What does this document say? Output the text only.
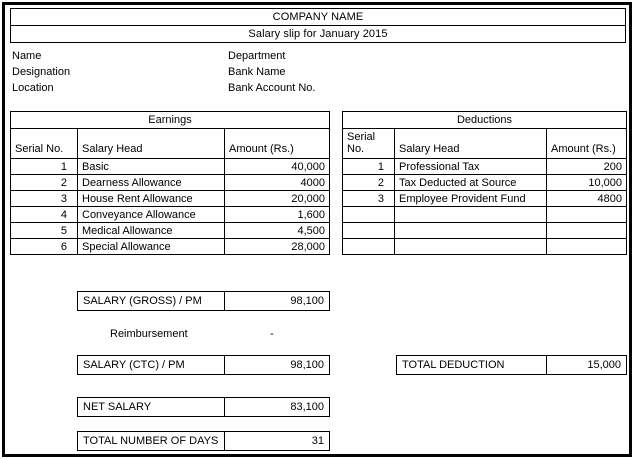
COMPANY NAME
Salary slip for January 2015
Name
Designation
Location
Department
Bank Name
Bank Account No.
Earnings		
Serial No.	Salary Head	Amount (Rs.)
1	Basic	40,000
2	Dearness Allowance	4000
3	House Rent Allowance	20,000
4	Conveyance Allowance	1,600
5	Medical Allowance	4,500
6	Special Allowance	28,000
Deductions		
Serial No.	Salary Head	Amount (Rs.)
1	Professional Tax	200
2	Tax Deducted at Source	10,000
3	Employee Provident Fund	4800

SALARY (GROSS) / PM	98,100
Reimbursement	-
SALARY (CTC) / PM	98,100	TOTAL DEDUCTION	15,000
NET SALARY	83,100
TOTAL NUMBER OF DAYS	31
